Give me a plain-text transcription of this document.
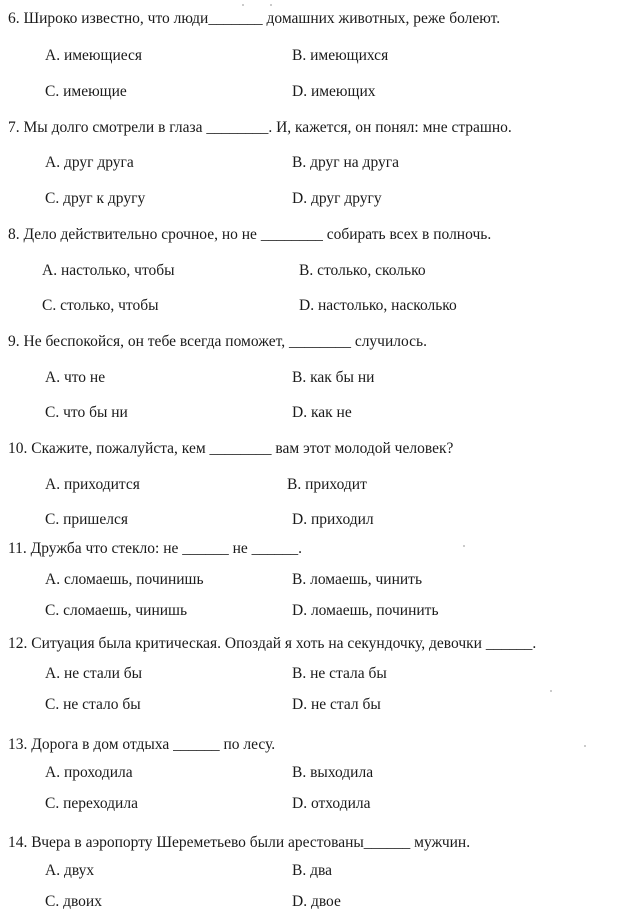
6. Широко известно, что люди_______ домашних животных, реже болеют.
А. имеющиеся	В. имеющихся
С. имеющие	D. имеющих
7. Мы долго смотрели в глаза ________. И, кажется, он понял: мне страшно.
А. друг друга	В. друг на друга
С. друг к другу	D. друг другу
8. Дело действительно срочное, но не ________ собирать всех в полночь.
А. настолько, чтобы	В. столько, сколько
С. столько, чтобы	D. настолько, насколько
9. Не беспокойся, он тебе всегда поможет, ________ случилось.
А. что не	В. как бы ни
С. что бы ни	D. как не
10. Скажите, пожалуйста, кем ________ вам этот молодой человек?
А. приходится	В. приходит
С. пришелся	D. приходил
11. Дружба что стекло: не ______ не ______.
А. сломаешь, починишь	В. ломаешь, чинить
С. сломаешь, чинишь	D. ломаешь, починить
12. Ситуация была критическая. Опоздай я хоть на секундочку, девочки ______.
А. не стали бы	В. не стала бы
С. не стало бы	D. не стал бы
13. Дорога в дом отдыха ______ по лесу.
А. проходила	В. выходила
С. переходила	D. отходила
14. Вчера в аэропорту Шереметьево были арестованы______ мужчин.
А. двух	В. два
С. двоих	D. двое
